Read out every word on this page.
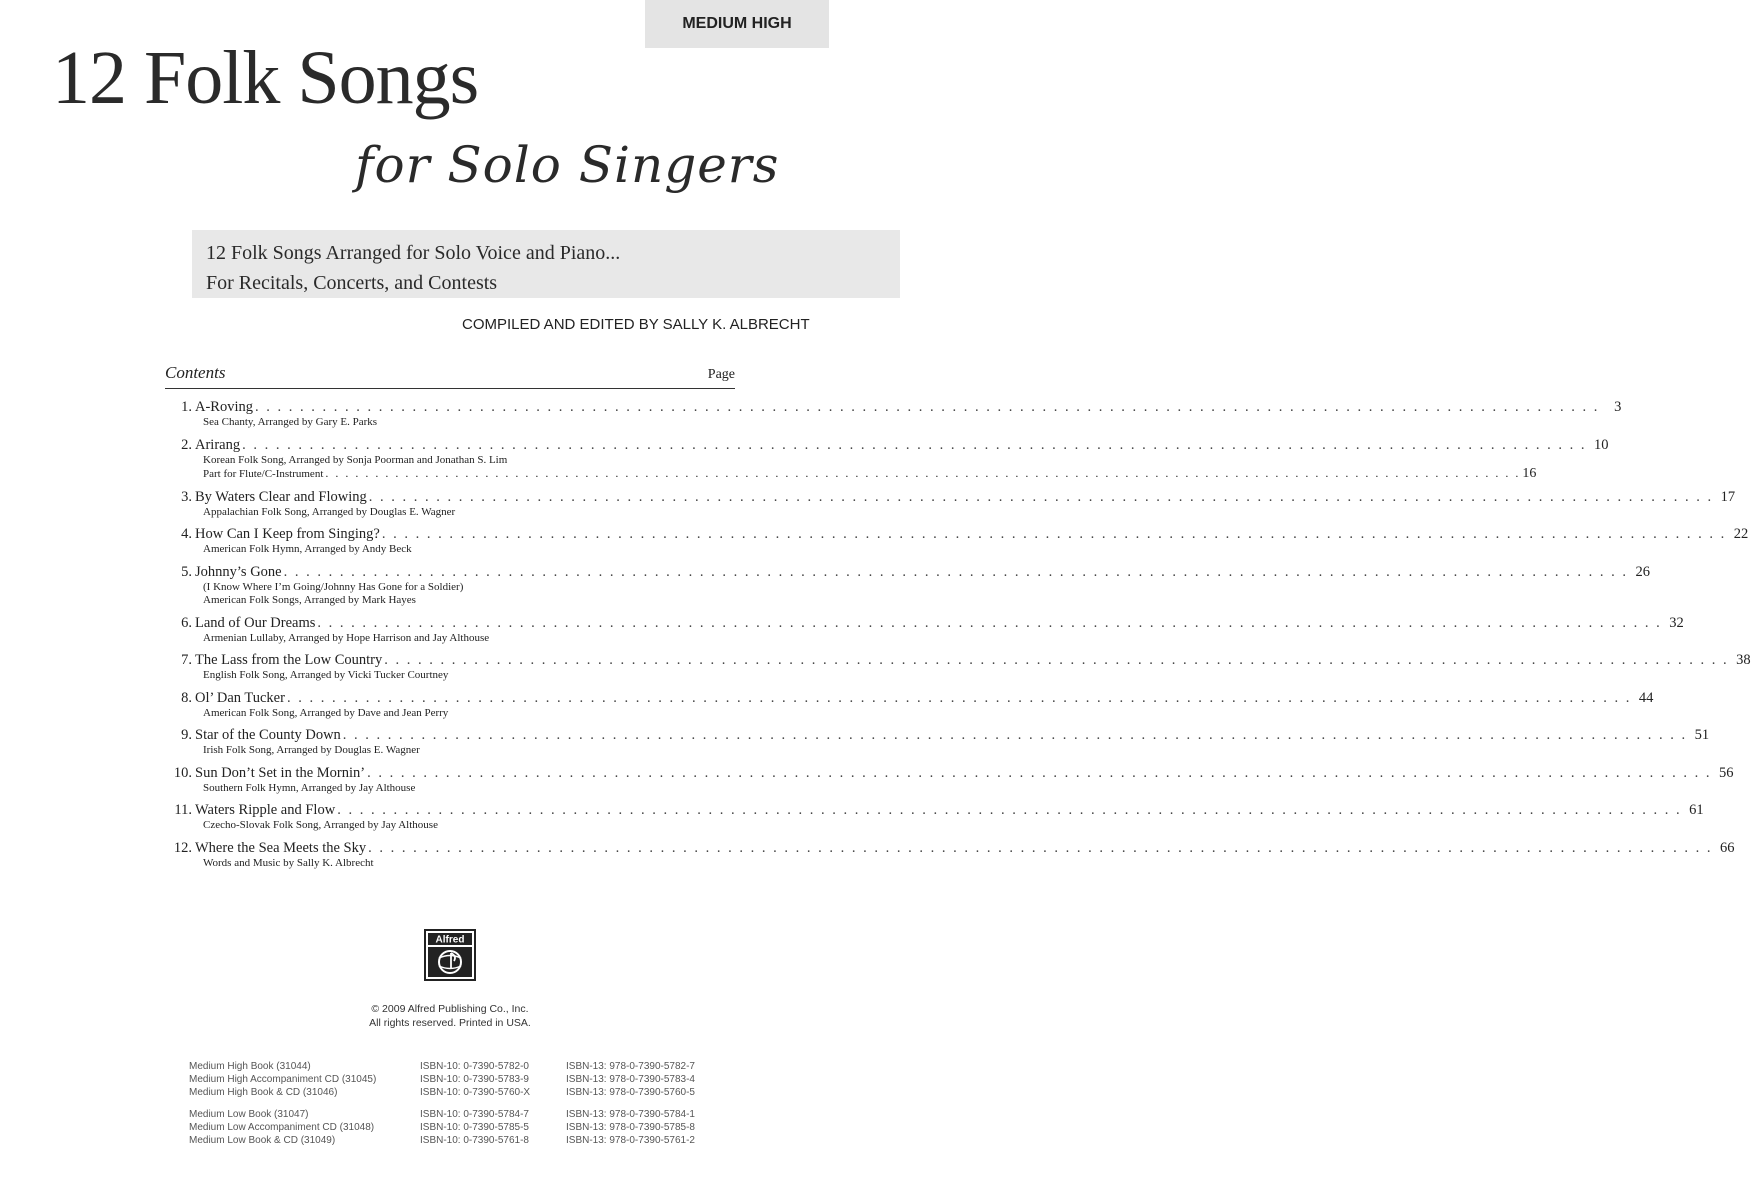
MEDIUM HIGH
12 Folk Songs
for Solo Singers
12 Folk Songs Arranged for Solo Voice and Piano...
For Recitals, Concerts, and Contests
COMPILED AND EDITED BY SALLY K. ALBRECHT
Contents	Page
1. A-Roving . . . . . . . . . . . . . . . . . . . . . . . . . . . . . . . . . . . . . . . . . . . . . . . . . . . . . . . . . . . . . . . . . . . . . . . . . . . . . . . . . . . . . . . . . . . . . . . . . . . . . . . . . . . . . . . . . . . . . . . .	3
Sea Chanty, Arranged by Gary E. Parks
2. Arirang . . . . . . . . . . . . . . . . . . . . . . . . . . . . . . . . . . . . . . . . . . . . . . . . . . . . . . . . . . . . . . . . . . . . . . . . . . . . . . . . . . . . . . . . . . . . . . . . . . . . . . . . . . . . . . . . . . . . . . . . 10
Korean Folk Song, Arranged by Sonja Poorman and Jonathan S. Lim
Part for Flute/C-Instrument . . . . . . . . . . . . . . . . . . . . . . . . . . . . . . . . . . . . . . . . . . . . . . . . . . . . . . . . . . . . . . . . . . . . . . . . . . . . . . . . . . . . . . . . . . . . . . . . . . . . . . . . . . . . . . . . . . . . . . . . 16
3. By Waters Clear and Flowing . . . . . . . . . . . . . . . . . . . . . . . . . . . . . . . . . . . . . . . . . . . . . . . . . . . . . . . . . . . . . . . . . . . . . . . . . . . . . . . . . . . . . . . . . . . . . . . . . . . . . . . . . . . . . . . . . . . . . . . . 17
Appalachian Folk Song, Arranged by Douglas E. Wagner
4. How Can I Keep from Singing? . . . . . . . . . . . . . . . . . . . . . . . . . . . . . . . . . . . . . . . . . . . . . . . . . . . . . . . . . . . . . . . . . . . . . . . . . . . . . . . . . . . . . . . . . . . . . . . . . . . . . . . . . . . . . . . . . . . . . . . . 22
American Folk Hymn, Arranged by Andy Beck
5. Johnny’s Gone . . . . . . . . . . . . . . . . . . . . . . . . . . . . . . . . . . . . . . . . . . . . . . . . . . . . . . . . . . . . . . . . . . . . . . . . . . . . . . . . . . . . . . . . . . . . . . . . . . . . . . . . . . . . . . . . . . . . . . . . 26
(I Know Where I’m Going/Johnny Has Gone for a Soldier)
American Folk Songs, Arranged by Mark Hayes
6. Land of Our Dreams . . . . . . . . . . . . . . . . . . . . . . . . . . . . . . . . . . . . . . . . . . . . . . . . . . . . . . . . . . . . . . . . . . . . . . . . . . . . . . . . . . . . . . . . . . . . . . . . . . . . . . . . . . . . . . . . . . . . . . . . 32
Armenian Lullaby, Arranged by Hope Harrison and Jay Althouse
7. The Lass from the Low Country . . . . . . . . . . . . . . . . . . . . . . . . . . . . . . . . . . . . . . . . . . . . . . . . . . . . . . . . . . . . . . . . . . . . . . . . . . . . . . . . . . . . . . . . . . . . . . . . . . . . . . . . . . . . . . . . . . . . . . . . 38
English Folk Song, Arranged by Vicki Tucker Courtney
8. Ol’ Dan Tucker . . . . . . . . . . . . . . . . . . . . . . . . . . . . . . . . . . . . . . . . . . . . . . . . . . . . . . . . . . . . . . . . . . . . . . . . . . . . . . . . . . . . . . . . . . . . . . . . . . . . . . . . . . . . . . . . . . . . . . . . 44
American Folk Song, Arranged by Dave and Jean Perry
9. Star of the County Down . . . . . . . . . . . . . . . . . . . . . . . . . . . . . . . . . . . . . . . . . . . . . . . . . . . . . . . . . . . . . . . . . . . . . . . . . . . . . . . . . . . . . . . . . . . . . . . . . . . . . . . . . . . . . . . . . . . . . . . . 51
Irish Folk Song, Arranged by Douglas E. Wagner
10. Sun Don’t Set in the Mornin’ . . . . . . . . . . . . . . . . . . . . . . . . . . . . . . . . . . . . . . . . . . . . . . . . . . . . . . . . . . . . . . . . . . . . . . . . . . . . . . . . . . . . . . . . . . . . . . . . . . . . . . . . . . . . . . . . . . . . . . . . 56
Southern Folk Hymn, Arranged by Jay Althouse
11. Waters Ripple and Flow . . . . . . . . . . . . . . . . . . . . . . . . . . . . . . . . . . . . . . . . . . . . . . . . . . . . . . . . . . . . . . . . . . . . . . . . . . . . . . . . . . . . . . . . . . . . . . . . . . . . . . . . . . . . . . . . . . . . . . . . 61
Czecho-Slovak Folk Song, Arranged by Jay Althouse
12. Where the Sea Meets the Sky . . . . . . . . . . . . . . . . . . . . . . . . . . . . . . . . . . . . . . . . . . . . . . . . . . . . . . . . . . . . . . . . . . . . . . . . . . . . . . . . . . . . . . . . . . . . . . . . . . . . . . . . . . . . . . . . . . . . . . . . 66
Words and Music by Sally K. Albrecht
Alfred
© 2009 Alfred Publishing Co., Inc.
All rights reserved. Printed in USA.
Medium High Book (31044)	ISBN-10: 0-7390-5782-0	ISBN-13: 978-0-7390-5782-7
Medium High Accompaniment CD (31045)	ISBN-10: 0-7390-5783-9	ISBN-13: 978-0-7390-5783-4
Medium High Book & CD (31046)	ISBN-10: 0-7390-5760-X	ISBN-13: 978-0-7390-5760-5
Medium Low Book (31047)	ISBN-10: 0-7390-5784-7	ISBN-13: 978-0-7390-5784-1
Medium Low Accompaniment CD (31048)	ISBN-10: 0-7390-5785-5	ISBN-13: 978-0-7390-5785-8
Medium Low Book & CD (31049)	ISBN-10: 0-7390-5761-8	ISBN-13: 978-0-7390-5761-2
